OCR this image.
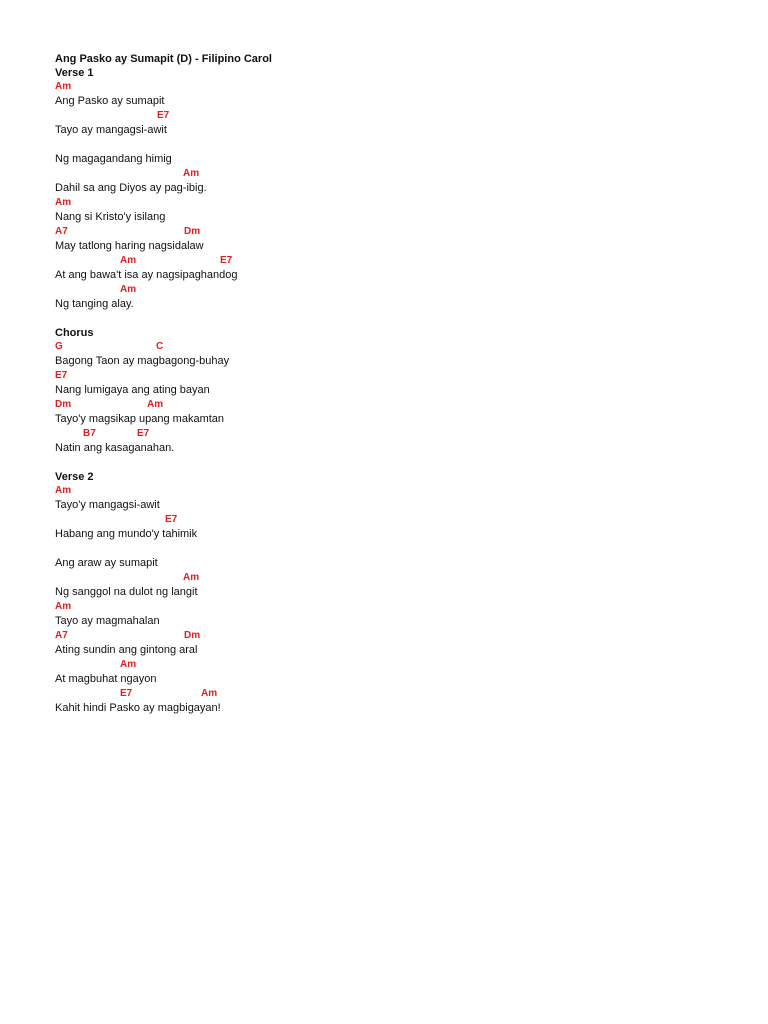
Ang Pasko ay Sumapit (D) - Filipino Carol
Verse 1
Am
Ang Pasko ay sumapit
E7
Tayo ay mangagsi-awit
Ng magagandang himig
Am
Dahil sa ang Diyos ay pag-ibig.
Am
Nang si Kristo'y isilang
A7	Dm
May tatlong haring nagsidalaw
Am	E7
At ang bawa't isa ay nagsipaghandog
Am
Ng tanging alay.
Chorus
G	C
Bagong Taon ay magbagong-buhay
E7
Nang lumigaya ang ating bayan
Dm	Am
Tayo'y magsikap upang makamtan
B7	E7
Natin ang kasaganahan.
Verse 2
Am
Tayo'y mangagsi-awit
E7
Habang ang mundo'y tahimik
Ang araw ay sumapit
Am
Ng sanggol na dulot ng langit
Am
Tayo ay magmahalan
A7	Dm
Ating sundin ang gintong aral
Am
At magbuhat ngayon
E7	Am
Kahit hindi Pasko ay magbigayan!
